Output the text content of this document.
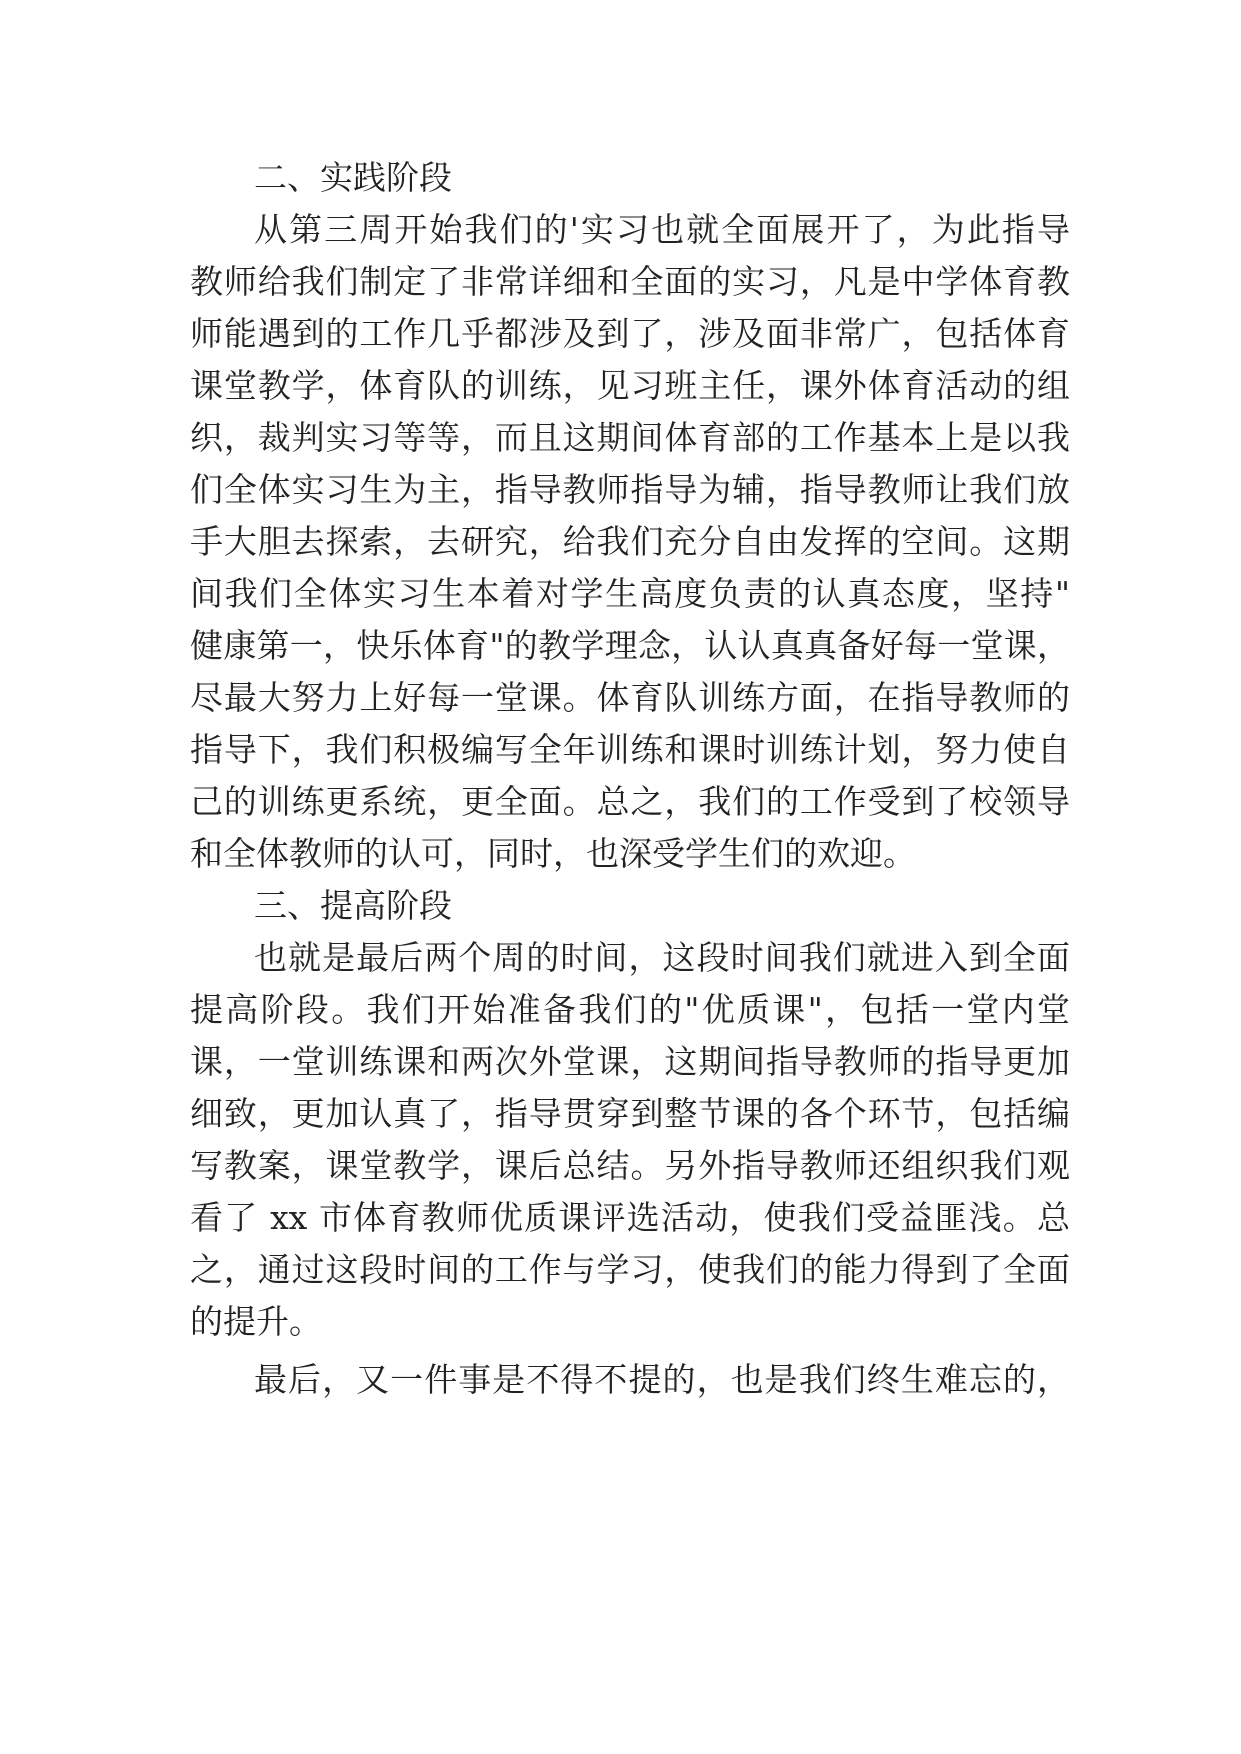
二、实践阶段
从第三周开始我们的'实习也就全面展开了，为此指导
教师给我们制定了非常详细和全面的实习，凡是中学体育教
师能遇到的工作几乎都涉及到了，涉及面非常广，包括体育
课堂教学，体育队的训练，见习班主任，课外体育活动的组
织，裁判实习等等，而且这期间体育部的工作基本上是以我
们全体实习生为主，指导教师指导为辅，指导教师让我们放
手大胆去探索，去研究，给我们充分自由发挥的空间。这期
间我们全体实习生本着对学生高度负责的认真态度，坚持"
健康第一，快乐体育"的教学理念，认认真真备好每一堂课，
尽最大努力上好每一堂课。体育队训练方面，在指导教师的
指导下，我们积极编写全年训练和课时训练计划，努力使自
己的训练更系统，更全面。总之，我们的工作受到了校领导
和全体教师的认可，同时，也深受学生们的欢迎。
三、提高阶段
也就是最后两个周的时间，这段时间我们就进入到全面
提高阶段。我们开始准备我们的"优质课"，包括一堂内堂
课，一堂训练课和两次外堂课，这期间指导教师的指导更加
细致，更加认真了，指导贯穿到整节课的各个环节，包括编
写教案，课堂教学，课后总结。另外指导教师还组织我们观
看了 xx 市体育教师优质课评选活动，使我们受益匪浅。总
之，通过这段时间的工作与学习，使我们的能力得到了全面
的提升。
最后，又一件事是不得不提的，也是我们终生难忘的，
